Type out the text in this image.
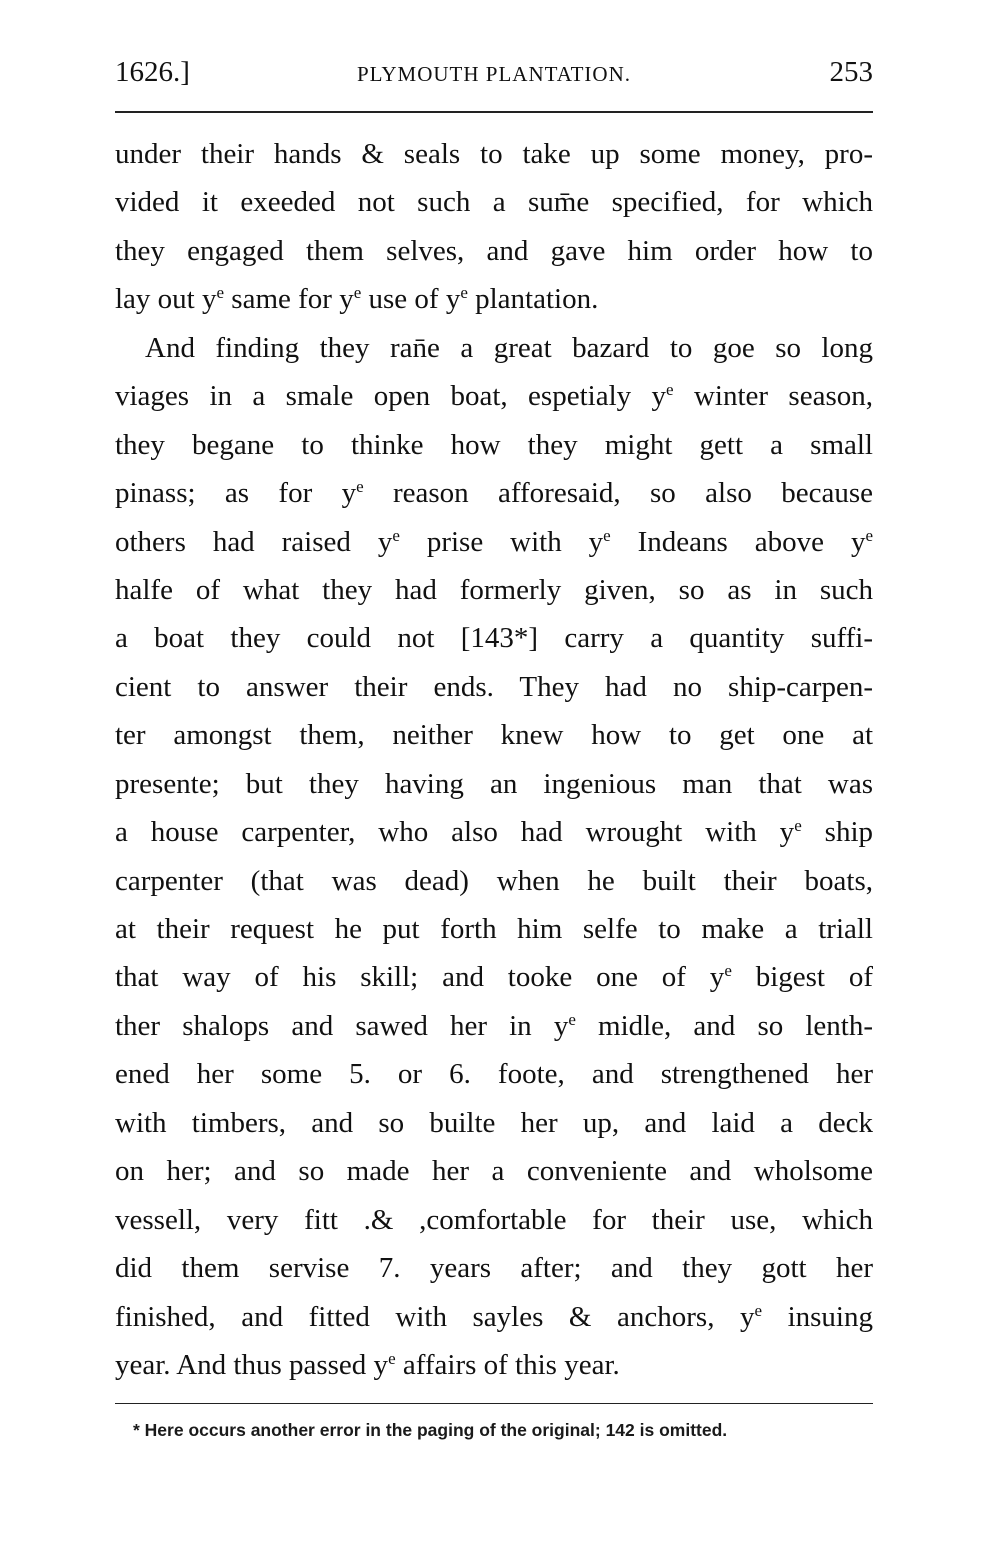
1626.]	PLYMOUTH PLANTATION.	253
under their hands & seals to take up some money, pro-
vided it exeeded not such a sum̄e specified, for which
they engaged them selves, and gave him order how to
lay out $y^e$ same for $y^e$ use of $y^e$ plantation.
And finding they ran̄e a great bazard to goe so long
viages in a smale open boat, espetialy $y^e$ winter season,
they begane to thinke how they might gett a small
pinass; as for $y^e$ reason afforesaid, so also because
others had raised $y^e$ prise with $y^e$ Indeans above $y^e$
halfe of what they had formerly given, so as in such
a boat they could not [143*] carry a quantity suffi-
cient to answer their ends. They had no ship-carpen-
ter amongst them, neither knew how to get one at
presente; but they having an ingenious man that was
a house carpenter, who also had wrought with $y^e$ ship
carpenter (that was dead) when he built their boats,
at their request he put forth him selfe to make a triall
that way of his skill; and tooke one of $y^e$ bigest of
ther shalops and sawed her in $y^e$ midle, and so lenth-
ened her some 5. or 6. foote, and strengthened her
with timbers, and so builte her up, and laid a deck
on her; and so made her a conveniente and wholsome
vessell, very fitt .& ,comfortable for their use, which
did them servise 7. years after; and they gott her
finished, and fitted with sayles & anchors, $y^e$ insuing
year. And thus passed $y^e$ affairs of this year.
* Here occurs another error in the paging of the original; 142 is omitted.
